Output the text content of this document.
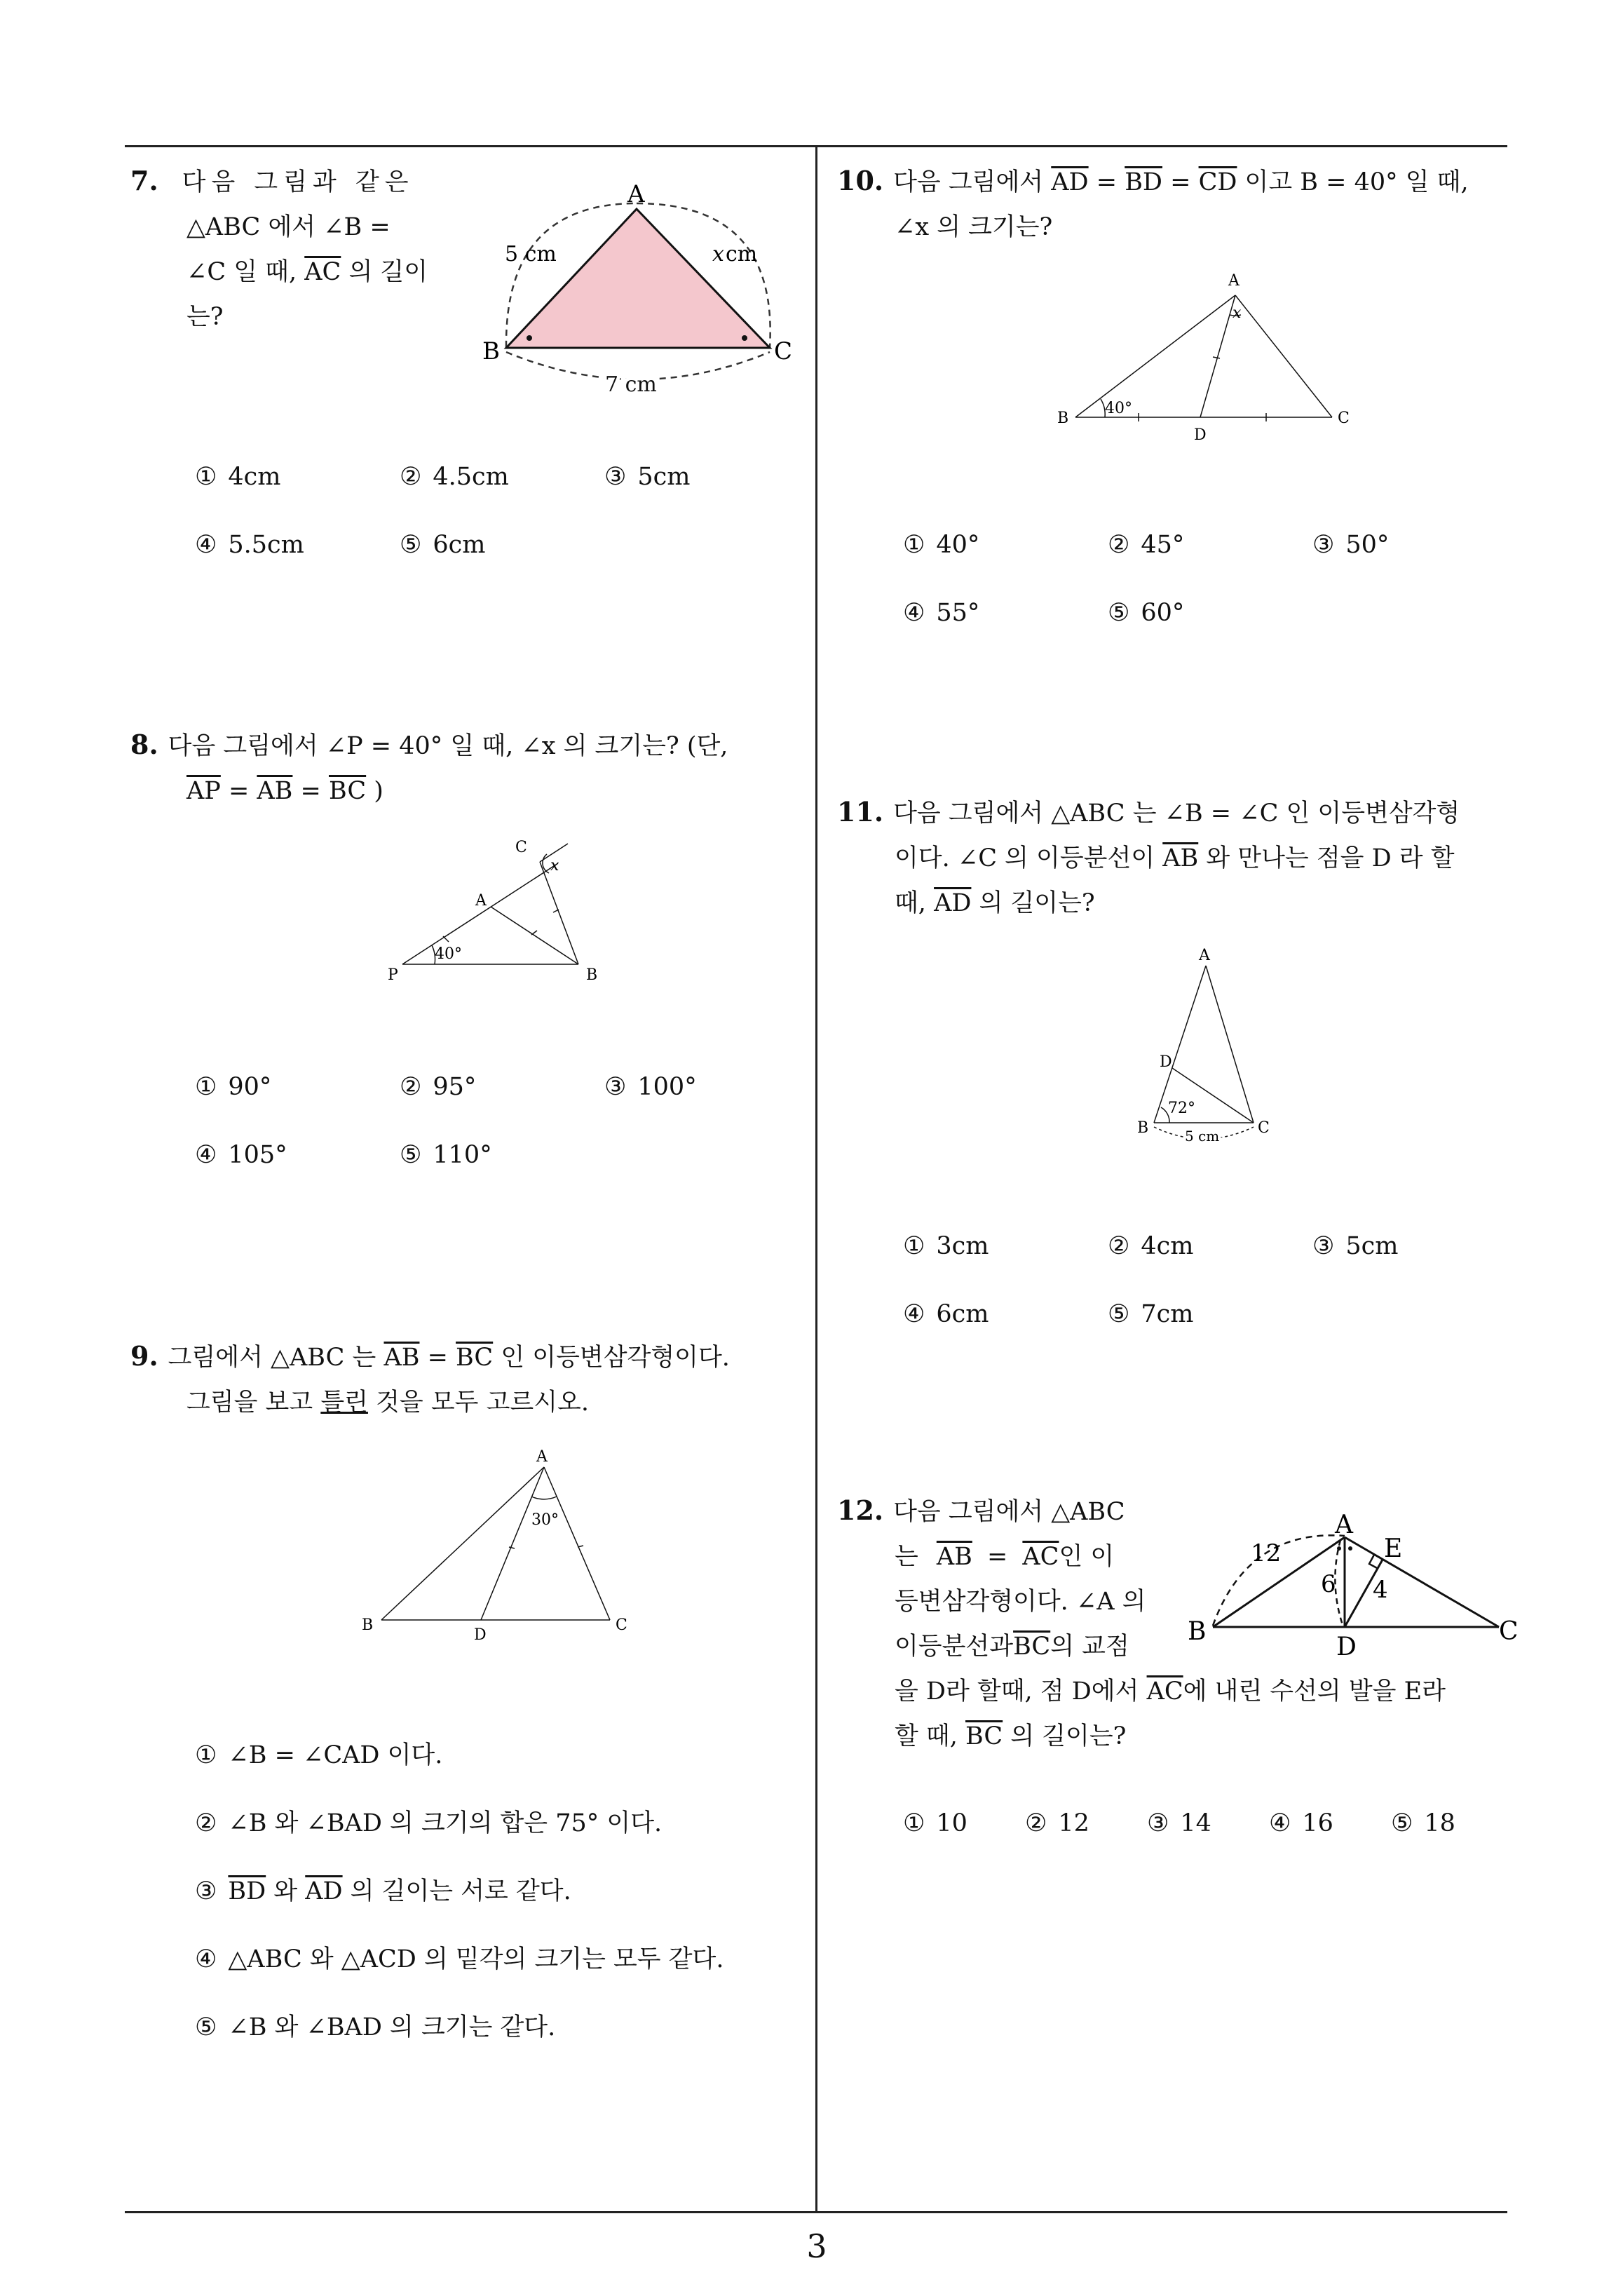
3
7. 다음 그림과 같은
△ABC 에서 ∠B =
∠C 일 때, $\overline{AC}$ 의 길이
는?
A
B	C
5 cm	x cm
7 cm
① 4cm	② 4.5cm	③ 5cm
④ 5.5cm	⑤ 6cm
8. 다음 그림에서 ∠P = 40° 일 때, ∠x 의 크기는? (단,
$\overline{AP} = \overline{AB} = \overline{BC}$ )
C
A
P	B
x
40°
① 90°	② 95°	③ 100°
④ 105°	⑤ 110°
9. 그림에서 △ABC 는 $\overline{AB} = \overline{BC}$ 인 이등변삼각형이다.
그림을 보고 틀린 것을 모두 고르시오.
A
B	C
D
30°
① ∠B = ∠CAD 이다.
② ∠B 와 ∠BAD 의 크기의 합은 75° 이다.
③ $\overline{BD}$ 와 $\overline{AD}$ 의 길이는 서로 같다.
④ △ABC 와 △ACD 의 밑각의 크기는 모두 같다.
⑤ ∠B 와 ∠BAD 의 크기는 같다.
10. 다음 그림에서 $\overline{AD} = \overline{BD} = \overline{CD}$ 이고 B = 40° 일 때,
∠x 의 크기는?
A
B	C
D
x
40°
① 40°	② 45°	③ 50°
④ 55°	⑤ 60°
11. 다음 그림에서 △ABC 는 ∠B = ∠C 인 이등변삼각형
이다. ∠C 의 이등분선이 $\overline{AB}$ 와 만나는 점을 D 라 할
때, $\overline{AD}$ 의 길이는?
A
D
B	C
72°
5 cm
① 3cm	② 4cm	③ 5cm
④ 6cm	⑤ 7cm
12. 다음 그림에서 △ABC
는 $\overline{AB} = \overline{AC}$인 이
등변삼각형이다. ∠A 의
이등분선과$\overline{BC}$의 교점
을 D라 할때, 점 D에서 $\overline{AC}$에 내린 수선의 발을 E라
할 때, $\overline{BC}$ 의 길이는?
A
E
B	C
D
12
6 4
① 10 ② 12 ③ 14 ④ 16 ⑤ 18
